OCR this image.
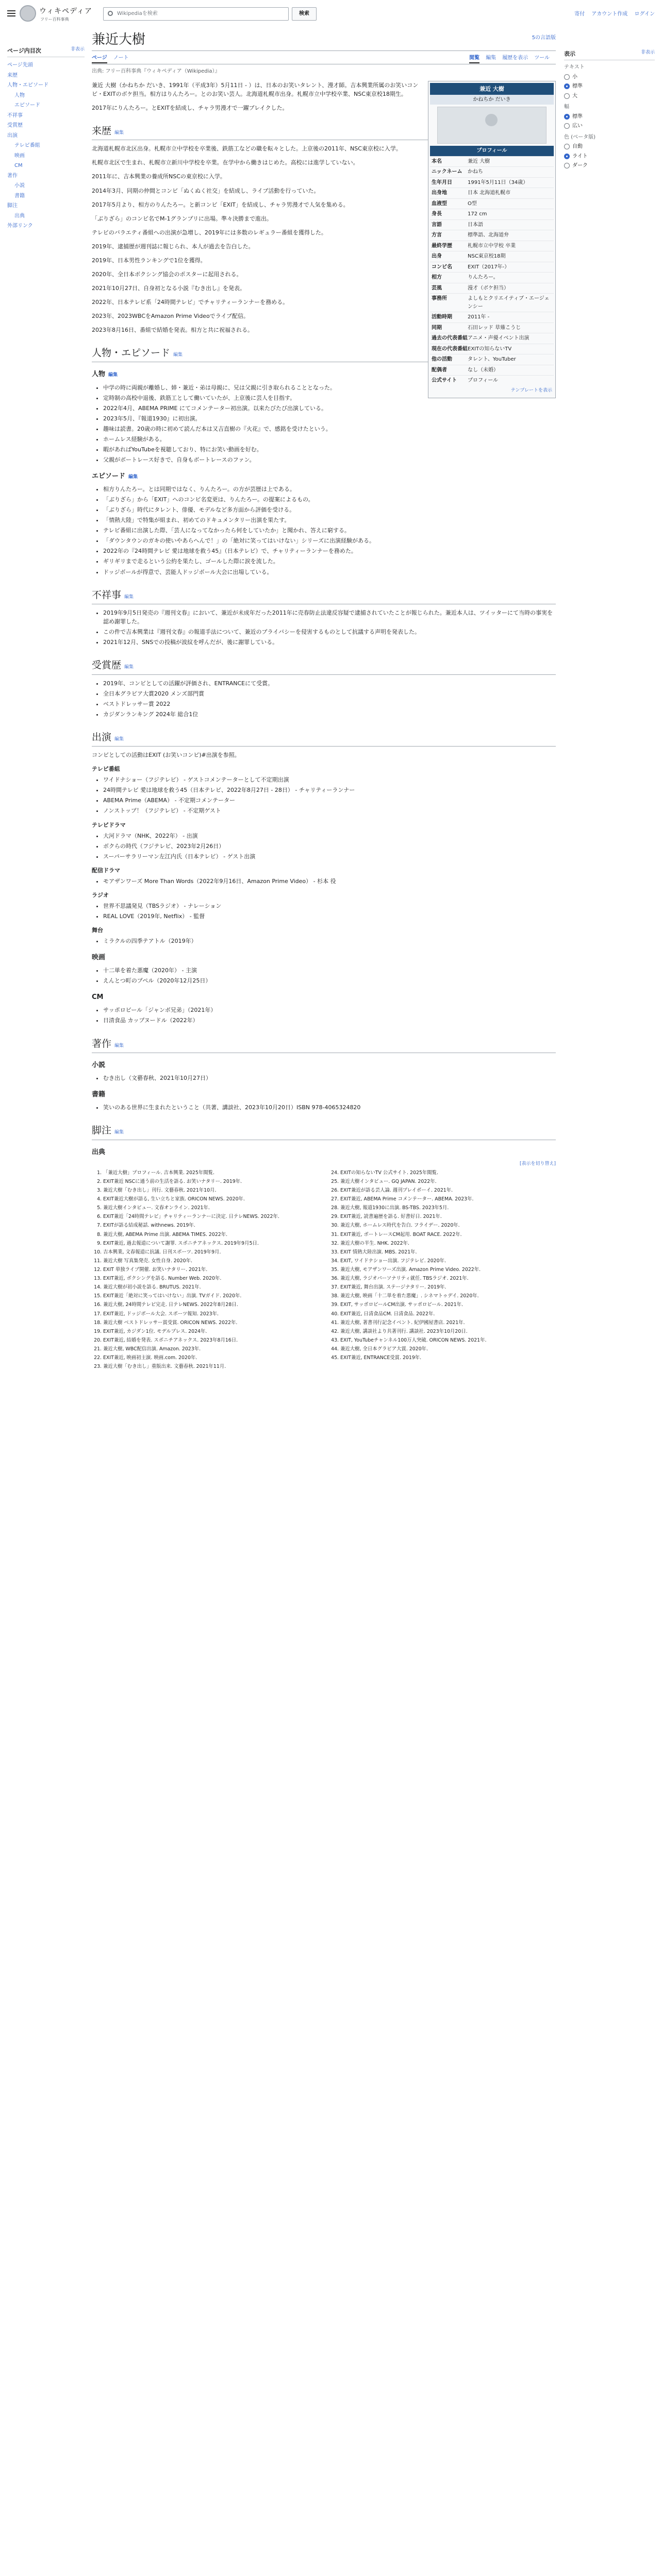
ウィキペディア
フリー百科事典
Wikipediaを検索	検索	寄付 アカウント作成 ログイン
ページ内目次	非表示
ページ先頭
来歴
人物・エピソード
人物
エピソード
不祥事
受賞歴
出演
テレビ番組
映画
CM
著作
小説
書籍
脚注
出典
外部リンク
表示	非表示
テキスト
小
標準
大
幅
標準
広い
色 (ベータ版)
自動
ライト
ダーク
兼近大樹	5の言語版
ページ ノート	閲覧 編集 履歴を表示 ツール
出典: フリー百科事典『ウィキペディア（Wikipedia）』
兼近 大樹
かねちか だいき
プロフィール
本名	兼近 大樹
ニックネーム	かねち
生年月日	1991年5月11日（34歳）
出身地	日本 北海道札幌市
血液型	O型
身長	172 cm
言語	日本語
方言	標準語、北海道弁
最終学歴	札幌市立中学校 卒業
出身	NSC東京校18期
コンビ名	EXIT（2017年-）
相方	りんたろー。
芸風	漫才（ボケ担当）
事務所	よしもとクリエイティブ・エージェンシー
活動時期	2011年 -
同期	石田レッド 草薙こうじ
過去の代表番組 アニメ・声優イベント出演
現在の代表番組 EXITの知らないTV
他の活動	タレント、YouTuber
配偶者	なし（未婚）
公式サイト	プロフィール
テンプレートを表示

兼近 大樹（かねちか だいき、1991年（平成3年）5月11日 - ）は、日本のお笑いタレント、漫才師。吉本興業所属のお笑いコンビ・EXITのボケ担当。相方はりんたろー。とのお笑い芸人。北海道札幌市出身。札幌市立中学校卒業、NSC東京校18期生。

2017年にりんたろー。とEXITを結成し、チャラ男漫才で一躍ブレイクした。

来歴 編集

北海道札幌市北区出身。札幌市立中学校を卒業後、鉄筋工などの職を転々とした。上京後の2011年、NSC東京校に入学。

札幌市北区で生まれ、札幌市立新川中学校を卒業。在学中から働きはじめた。高校には進学していない。

2011年に、吉本興業の養成所NSCの東京校に入学。

2014年3月、同期の仲間とコンビ「ぬくぬく社交」を結成し、ライブ活動を行っていた。

2017年5月より、相方のりんたろー。と新コンビ「EXIT」を結成し、チャラ男漫才で人気を集める。

「ぶりざら」のコンビ名でM-1グランプリに出場。準々決勝まで進出。

テレビのバラエティ番組への出演が急増し、2019年には多数のレギュラー番組を獲得した。

2019年、逮捕歴が週刊誌に報じられ、本人が過去を告白した。

2019年、日本男性ランキングで1位を獲得。

2020年、全日本ボクシング協会のポスターに起用される。

2021年10月27日、自身初となる小説『むき出し』を発表。

2022年、日本テレビ系「24時間テレビ」でチャリティーランナーを務める。

2023年、2023WBCをAmazon Prime Videoでライブ配信。

2023年8月16日、番組で結婚を発表。相方と共に祝福される。

人物・エピソード 編集
人物 編集
• 中学の時に両親が離婚し、姉・兼近・弟は母親に、兄は父親に引き取られることとなった。
• 定時制の高校中退後、鉄筋工として働いていたが、上京後に芸人を目指す。
• 2022年4月、ABEMA PRIME にてコメンテーター初出演。以来たびたび出演している。
• 2023年5月、『報道1930』に初出演。
• 趣味は読書。20歳の時に初めて読んだ本は又吉直樹の『火花』で、感銘を受けたという。
• ホームレス経験がある。
• 暇があればYouTubeを視聴しており、特にお笑い動画を好む。
• 父親がボートレース好きで、自身もボートレースのファン。
エピソード 編集
• 相方りんたろー。とは同期ではなく、りんたろー。の方が芸歴は上である。
• 「ぶりざら」から「EXIT」へのコンビ名変更は、りんたろー。の提案によるもの。
• 「ぶりざら」時代にタレント、俳優、モデルなど多方面から評価を受ける。
• 「情熱大陸」で特集が組まれ、初めてのドキュメンタリー出演を果たす。
• テレビ番組に出演した際、「芸人になってなかったら何をしていたか」と聞かれ、答えに窮する。
• 「ダウンタウンのガキの使いやあらへんで！」の「絶対に笑ってはいけない」シリーズに出演経験がある。
• 2022年の『24時間テレビ 愛は地球を救う45』（日本テレビ）で、チャリティーランナーを務めた。
• ギリギリまで走るという公約を果たし、ゴールした際に涙を流した。
• ドッジボールが得意で、芸能人ドッジボール大会に出場している。
不祥事 編集
• 2019年9月5日発売の『週刊文春』において、兼近が未成年だった2011年に売春防止法違反容疑で逮捕されていたことが報じられた。兼近本人は、ツイッターにて当時の事実を認め謝罪した。
• この件で吉本興業は『週刊文春』の報道手法について、兼近のプライバシーを侵害するものとして抗議する声明を発表した。
• 2021年12月、SNSでの投稿が波紋を呼んだが、後に謝罪している。
受賞歴 編集
• 2019年、コンビとしての活躍が評価され、ENTRANCEにて受賞。
• 全日本グラビア大賞2020 メンズ部門賞
• ベストドレッサー賞 2022
• カジダンランキング 2024年 総合1位
出演 編集

コンビとしての活動はEXIT (お笑いコンビ)#出演を参照。

テレビ番組
• ワイドナショー（フジテレビ） - ゲストコメンテーターとして不定期出演
• 24時間テレビ 愛は地球を救う45（日本テレビ、2022年8月27日 - 28日） - チャリティーランナー
• ABEMA Prime（ABEMA） - 不定期コメンテーター
• ノンストップ！（フジテレビ） - 不定期ゲスト
テレビドラマ
• 大河ドラマ（NHK、2022年） - 出演
• ボクらの時代（フジテレビ、2023年2月26日）
• スーパーサラリーマン左江内氏（日本テレビ） - ゲスト出演
配信ドラマ
• モアザンワーズ More Than Words（2022年9月16日、Amazon Prime Video） - 杉本 役
ラジオ
• 世界不思議発見（TBSラジオ） - ナレーション
• REAL LOVE（2019年, Netflix） - 監督
舞台
• ミラクルの四季テアトル（2019年）
映画
• 十二単を着た悪魔（2020年） - 主演
• えんとつ町のプペル（2020年12月25日）
CM
• サッポロビール「ジャンボ兄弟」（2021年）
• 日清食品 カップヌードル（2022年）
著作 編集
小説
• むき出し（文藝春秋、2021年10月27日）
書籍
• 笑いのある世界に生まれたということ（共著、講談社、2023年10月20日）ISBN 978-4065324820
脚注 編集
出典
[表示を切り替え]
1. 「兼近大樹」プロフィール. 吉本興業. 2025年閲覧.
2. EXIT兼近 NSCに通う前の生活を語る. お笑いナタリー. 2019年.
3. 兼近大樹「むき出し」刊行. 文藝春秋. 2021年10月.
4. EXIT兼近大樹が語る, 生い立ちと家族. ORICON NEWS. 2020年.
5. 兼近大樹インタビュー. 文春オンライン. 2021年.
6. EXIT兼近「24時間テレビ」チャリティーランナーに決定. 日テレNEWS. 2022年.
7. EXITが語る結成秘話. withnews. 2019年.
8. 兼近大樹, ABEMA Prime 出演. ABEMA TIMES. 2022年.
9. EXIT兼近, 過去報道について謝罪. スポニチアネックス. 2019年9月5日.
10. 吉本興業, 文春報道に抗議. 日刊スポーツ. 2019年9月.
11. 兼近大樹 写真集発売. 女性自身. 2020年.
12. EXIT 単独ライブ開催. お笑いナタリー. 2021年.
13. EXIT兼近, ボクシングを語る. Number Web. 2020年.
14. 兼近大樹が初小説を語る. BRUTUS. 2021年.
15. EXIT兼近「絶対に笑ってはいけない」出演. TVガイド. 2020年.
16. 兼近大樹, 24時間テレビ完走. 日テレNEWS. 2022年8月28日.
17. EXIT兼近, ドッジボール大会. スポーツ報知. 2023年.
18. 兼近大樹 ベストドレッサー賞受賞. ORICON NEWS. 2022年.
19. EXIT兼近, カジダン1位. モデルプレス. 2024年.
20. EXIT兼近, 結婚を発表. スポニチアネックス. 2023年8月16日.
21. 兼近大樹, WBC配信出演. Amazon. 2023年.
22. EXIT兼近, 映画初主演. 映画.com. 2020年.
23. 兼近大樹「むき出し」重版出来. 文藝春秋. 2021年11月.
24. EXITの知らないTV 公式サイト. 2025年閲覧.
25. 兼近大樹インタビュー. GQ JAPAN. 2022年.
26. EXIT兼近が語る芸人論. 週刊プレイボーイ. 2021年.
27. EXIT兼近, ABEMA Prime コメンテーター. ABEMA. 2023年.
28. 兼近大樹, 報道1930に出演. BS-TBS. 2023年5月.
29. EXIT兼近, 読書遍歴を語る. 好書好日. 2021年.
30. 兼近大樹, ホームレス時代を告白. フライデー. 2020年.
31. EXIT兼近, ボートレースCM起用. BOAT RACE. 2022年.
32. 兼近大樹の半生. NHK. 2022年.
33. EXIT 情熱大陸出演. MBS. 2021年.
34. EXIT, ワイドナショー出演. フジテレビ. 2020年.
35. 兼近大樹, モアザンワーズ出演. Amazon Prime Video. 2022年.
36. 兼近大樹, ラジオパーソナリティ就任. TBSラジオ. 2021年.
37. EXIT兼近, 舞台出演. ステージナタリー. 2019年.
38. 兼近大樹, 映画「十二単を着た悪魔」. シネマトゥデイ. 2020年.
39. EXIT, サッポロビールCM出演. サッポロビール. 2021年.
40. EXIT兼近, 日清食品CM. 日清食品. 2022年.
41. 兼近大樹, 著書刊行記念イベント. 紀伊國屋書店. 2021年.
42. 兼近大樹, 講談社より共著刊行. 講談社. 2023年10月20日.
43. EXIT, YouTubeチャンネル100万人突破. ORICON NEWS. 2021年.
44. 兼近大樹, 全日本グラビア大賞. 2020年.
45. EXIT兼近, ENTRANCE受賞. 2019年.
